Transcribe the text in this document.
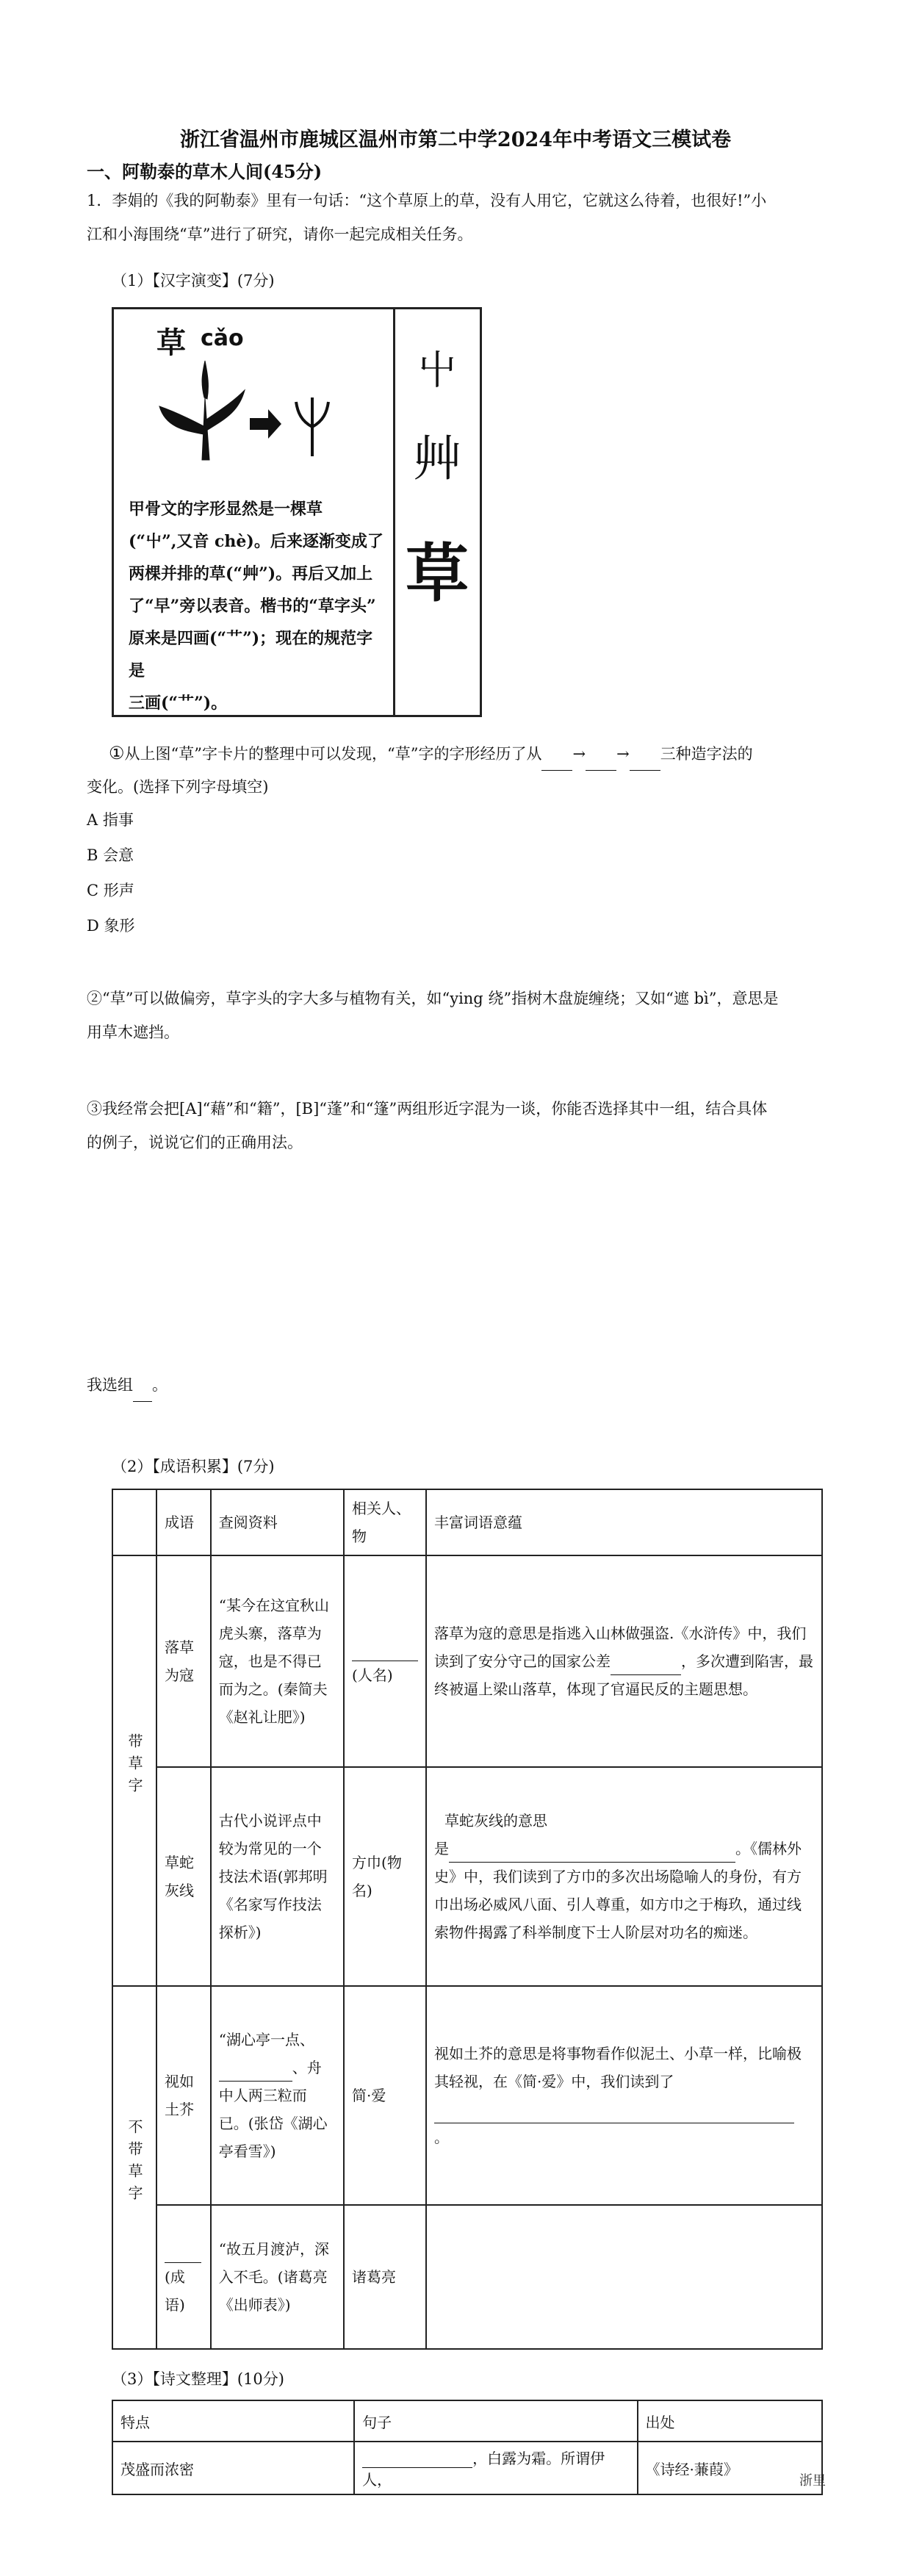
浙江省温州市鹿城区温州市第二中学2024年中考语文三模试卷
一、阿勒泰的草木人间(45分)
1．李娟的《我的阿勒泰》里有一句话：“这个草原上的草，没有人用它，它就这么待着，也很好!”小
江和小海围绕“草”进行了研究，请你一起完成相关任务。
（1）【汉字演变】(7分)
草 cǎo
甲骨文的字形显然是一棵草
(“屮”,又音 chè)。后来逐渐变成了
两棵并排的草(“艸”)。再后又加上
了“早”旁以表音。楷书的“草字头”
原来是四画(“艹”)；现在的规范字是
三画(“艹”)。
屮
艸
草
①从上图“草”字卡片的整理中可以发现，“草”字的字形经历了从 → → 三种造字法的
变化。(选择下列字母填空)
A 指事
B 会意
C 形声
D 象形
②“草”可以做偏旁，草字头的字大多与植物有关，如“ying 绕”指树木盘旋缠绕；又如“遮 bì”，意思是
用草木遮挡。
③我经常会把[A]“藉”和“籍”，[B]“蓬”和“篷”两组形近字混为一谈，你能否选择其中一组，结合具体
的例子，说说它们的正确用法。
我选组 。
（2）【成语积累】(7分)
	成语	查阅资料	相关人、物	丰富词语意蕴
带草字	落草为寇	“某今在这宜秋山虎头寨，落草为寇，也是不得已而为之。(秦简夫《赵礼让肥》)	(人名)	落草为寇的意思是指逃入山林做强盗.《水浒传》中，我们读到了安分守己的国家公差 ，多次遭到陷害，最终被逼上梁山落草，体现了官逼民反的主题思想。
	草蛇灰线	古代小说评点中较为常见的一个技法术语(郭邦明《名家写作技法探析》)	方巾(物名)	草蛇灰线的意思
是 。《儒林外史》中，我们读到了方巾的多次出场隐喻人的身份，有方巾出场必威风八面、引人尊重，如方巾之于梅玖，通过线索物件揭露了科举制度下士人阶层对功名的痴迷。
不带草字	视如土芥	“湖心亭一点、、舟中人两三粒而已。(张岱《湖心亭看雪》)	简·爱	视如土芥的意思是将事物看作似泥土、小草一样，比喻极其轻视，在《简·爱》中，我们读到了
。

	(成语)	“故五月渡泸，深入不毛。(诸葛亮《出师表》)	诸葛亮	
（3）【诗文整理】(10分)
特点	句子	出处
茂盛而浓密	，白露为霜。所谓伊人，	《诗经·蒹葭》
浙里
